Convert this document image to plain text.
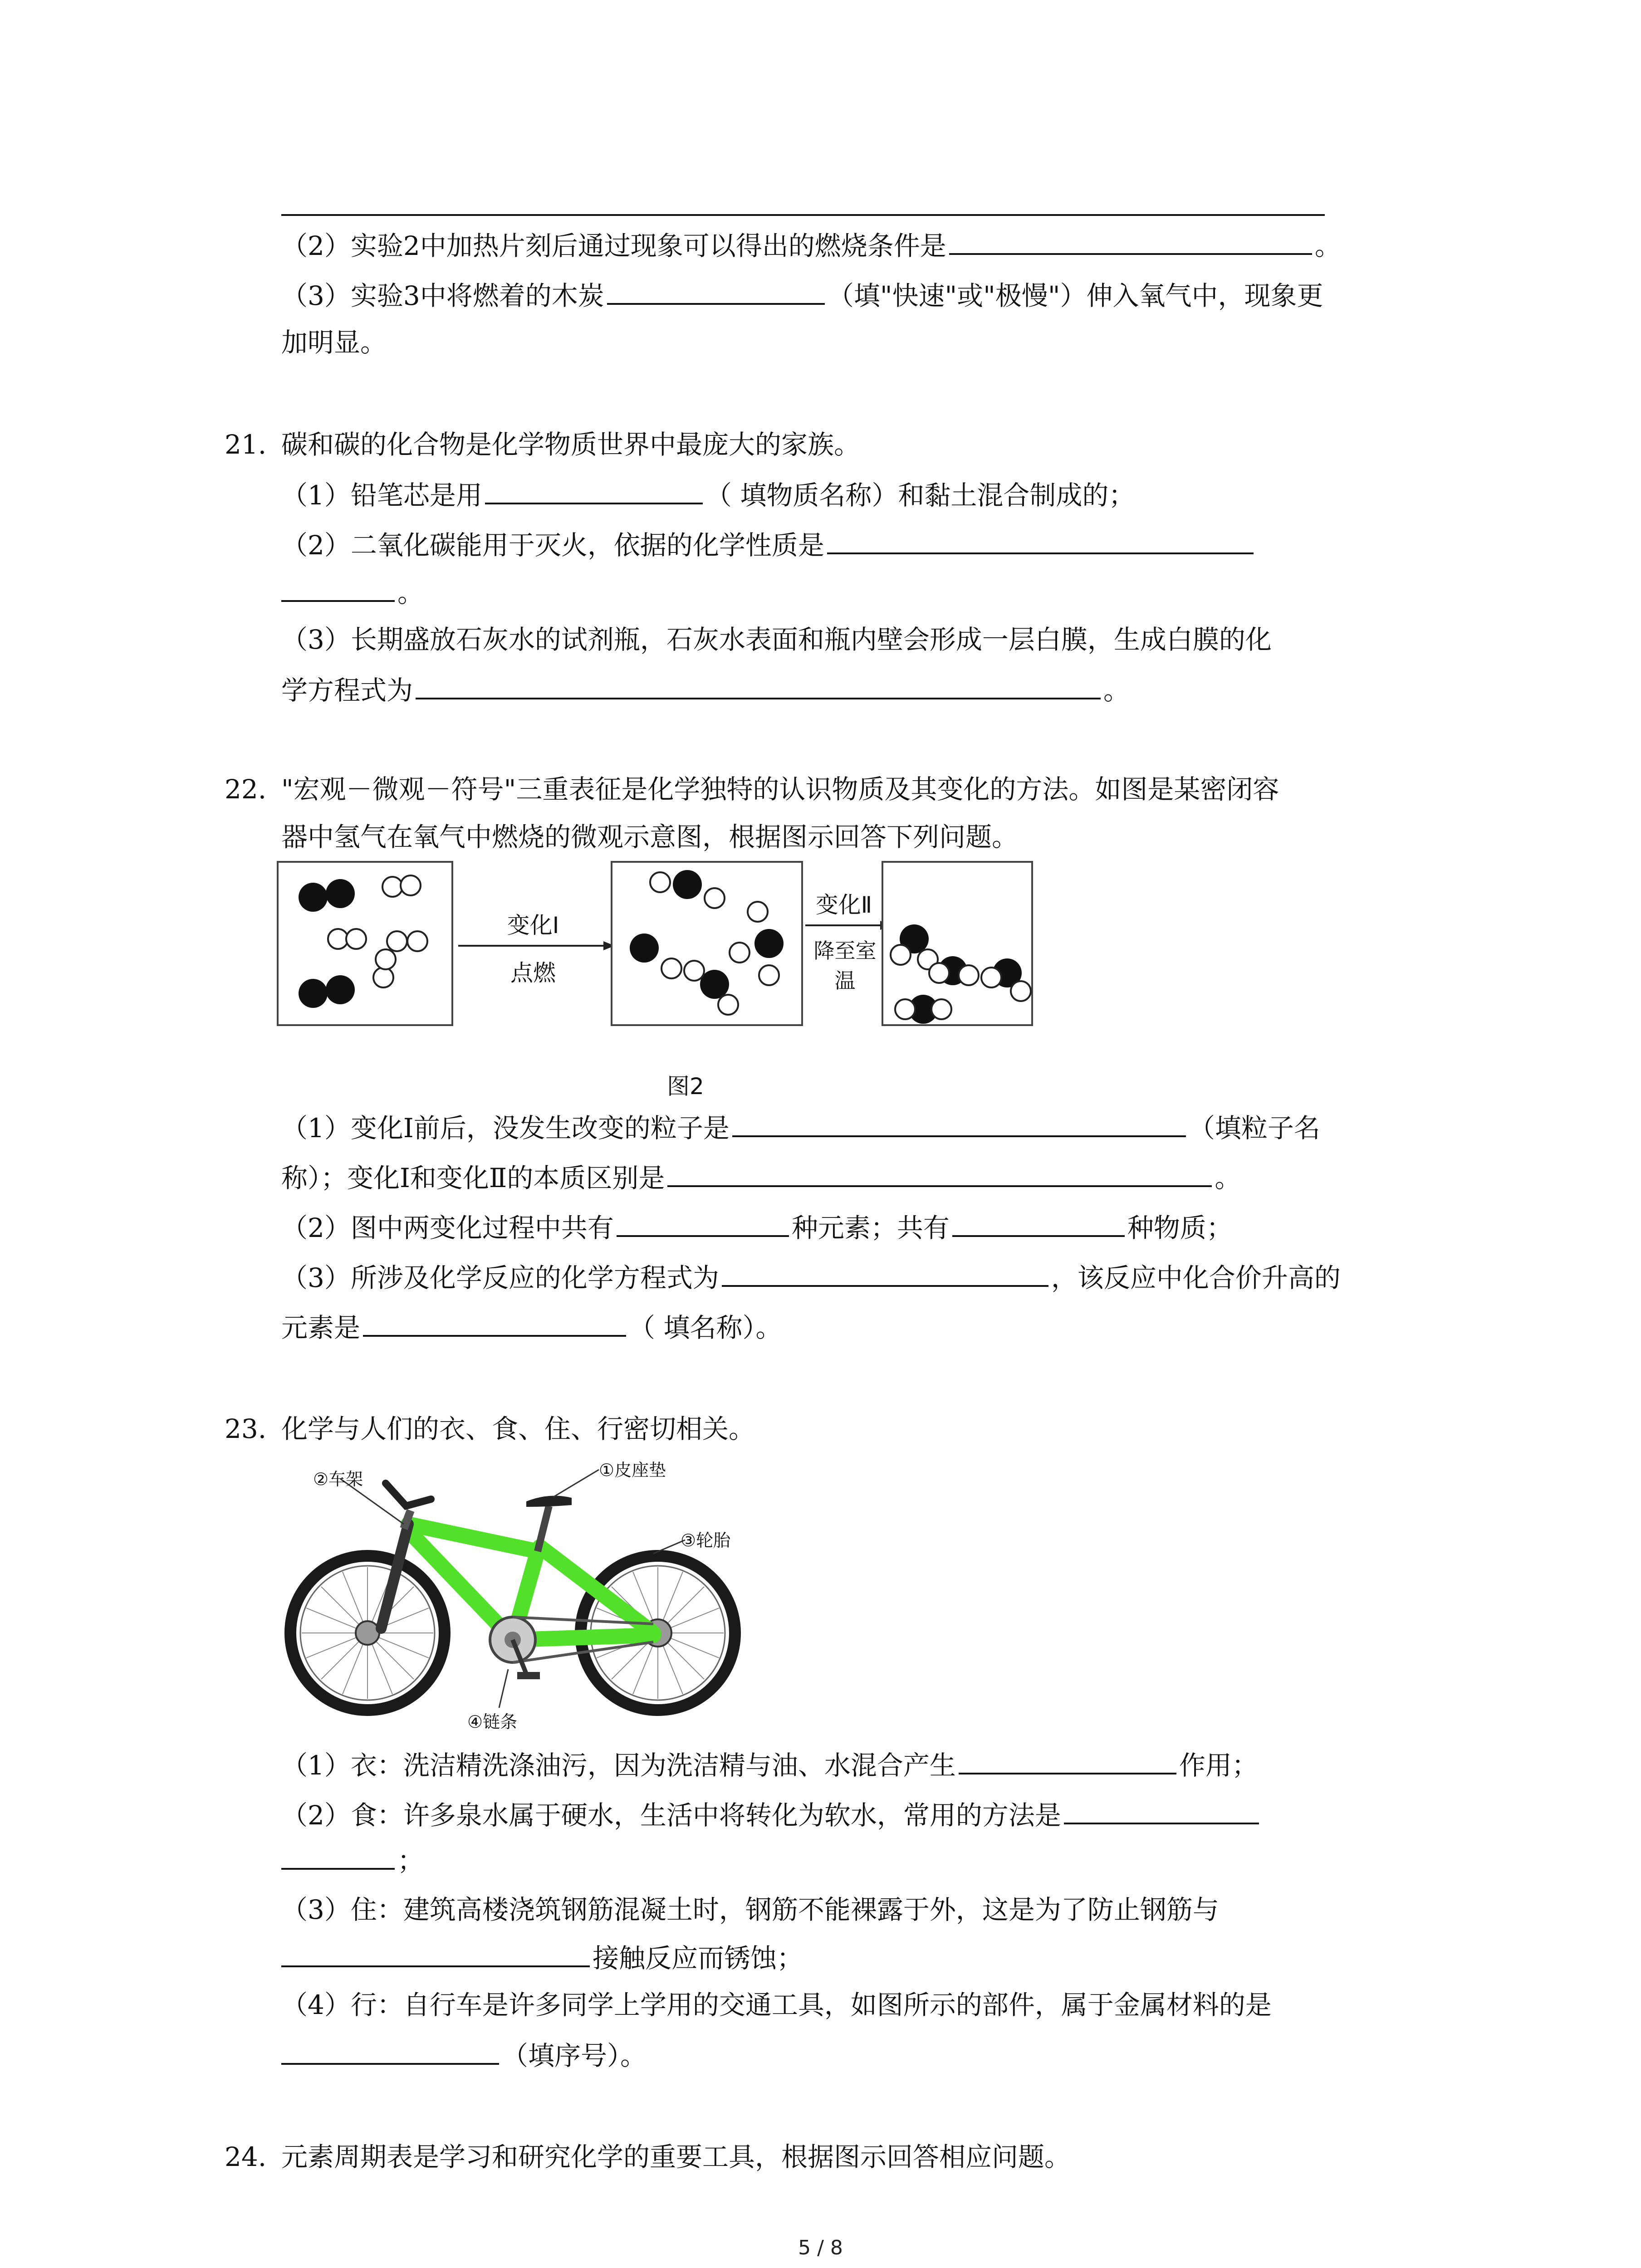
（2）实验2中加热片刻后通过现象可以得出的燃烧条件是	。
（3）实验3中将燃着的木炭	（填"快速"或"极慢"）伸入氧气中，现象更
加明显。
21. 碳和碳的化合物是化学物质世界中最庞大的家族。
（1）铅笔芯是用	（ 填物质名称）和黏土混合制成的；
（2）二氧化碳能用于灭火，依据的化学性质是
。
（3）长期盛放石灰水的试剂瓶，石灰水表面和瓶内壁会形成一层白膜，生成白膜的化
学方程式为	。
22. "宏观－微观－符号"三重表征是化学独特的认识物质及其变化的方法。如图是某密闭容
器中氢气在氧气中燃烧的微观示意图，根据图示回答下列问题。
变化Ⅰ
点燃
变化Ⅱ
降至室温
图2
（1）变化Ⅰ前后，没发生改变的粒子是	（填粒子名
称）；变化Ⅰ和变化Ⅱ的本质区别是	。
（2）图中两变化过程中共有	种元素；共有	种物质；
（3）所涉及化学反应的化学方程式为	，该反应中化合价升高的
元素是	（ 填名称）。
23. 化学与人们的衣、食、住、行密切相关。
①皮座垫
②车架
③轮胎
④链条
（1）衣：洗洁精洗涤油污，因为洗洁精与油、水混合产生	作用；
（2）食：许多泉水属于硬水，生活中将转化为软水，常用的方法是
；
（3）住：建筑高楼浇筑钢筋混凝土时，钢筋不能裸露于外，这是为了防止钢筋与
接触反应而锈蚀；
（4）行：自行车是许多同学上学用的交通工具，如图所示的部件，属于金属材料的是
（填序号）。
24. 元素周期表是学习和研究化学的重要工具，根据图示回答相应问题。
5 / 8
